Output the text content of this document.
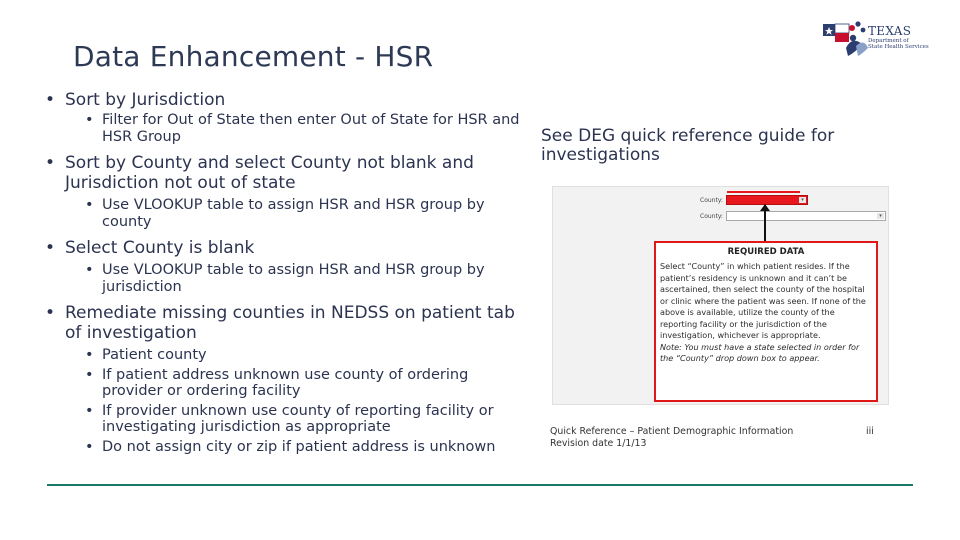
Data Enhancement - HSR
TEXAS
Department of
State Health Services
• Sort by Jurisdiction
• Filter for Out of State then enter Out of State for HSR and HSR Group
• Sort by County and select County not blank and Jurisdiction not out of state
• Use VLOOKUP table to assign HSR and HSR group by county
• Select County is blank
• Use VLOOKUP table to assign HSR and HSR group by jurisdiction
• Remediate missing counties in NEDSS on patient tab of investigation
• Patient county
• If patient address unknown use county of ordering provider or ordering facility
• If provider unknown use county of reporting facility or investigating jurisdiction as appropriate
• Do not assign city or zip if patient address is unknown
See DEG quick reference guide for investigations
County:	▾
County:	▾
REQUIRED DATA
Select “County” in which patient resides. If the patient’s residency is unknown and it can’t be ascertained, then select the county of the hospital or clinic where the patient was seen. If none of the above is available, utilize the county of the reporting facility or the jurisdiction of the investigation, whichever is appropriate.
Note: You must have a state selected in order for the “County” drop down box to appear.
Quick Reference – Patient Demographic Information	iii
Revision date 1/1/13
